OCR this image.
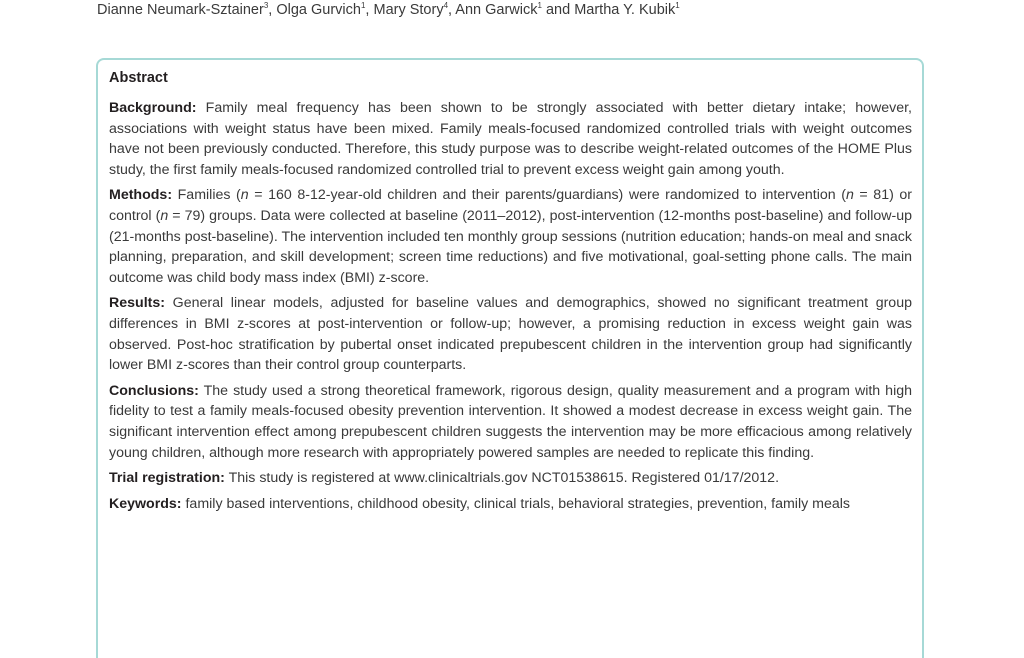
Dianne Neumark-Sztainer$^3$, Olga Gurvich$^1$, Mary Story$^4$, Ann Garwick$^1$ and Martha Y. Kubik$^1$
Abstract
Background: Family meal frequency has been shown to be strongly associated with better dietary intake; however, associations with weight status have been mixed. Family meals-focused randomized controlled trials with weight outcomes have not been previously conducted. Therefore, this study purpose was to describe weight-related outcomes of the HOME Plus study, the first family meals-focused randomized controlled trial to prevent excess weight gain among youth.
Methods: Families (n = 160 8-12-year-old children and their parents/guardians) were randomized to intervention (n = 81) or control (n = 79) groups. Data were collected at baseline (2011–2012), post-intervention (12-months post-baseline) and follow-up (21-months post-baseline). The intervention included ten monthly group sessions (nutrition education; hands-on meal and snack planning, preparation, and skill development; screen time reductions) and five motivational, goal-setting phone calls. The main outcome was child body mass index (BMI) z-score.
Results: General linear models, adjusted for baseline values and demographics, showed no significant treatment group differences in BMI z-scores at post-intervention or follow-up; however, a promising reduction in excess weight gain was observed. Post-hoc stratification by pubertal onset indicated prepubescent children in the intervention group had significantly lower BMI z-scores than their control group counterparts.
Conclusions: The study used a strong theoretical framework, rigorous design, quality measurement and a program with high fidelity to test a family meals-focused obesity prevention intervention. It showed a modest decrease in excess weight gain. The significant intervention effect among prepubescent children suggests the intervention may be more efficacious among relatively young children, although more research with appropriately powered samples are needed to replicate this finding.
Trial registration: This study is registered at www.clinicaltrials.gov NCT01538615. Registered 01/17/2012.
Keywords: family based interventions, childhood obesity, clinical trials, behavioral strategies, prevention, family meals
